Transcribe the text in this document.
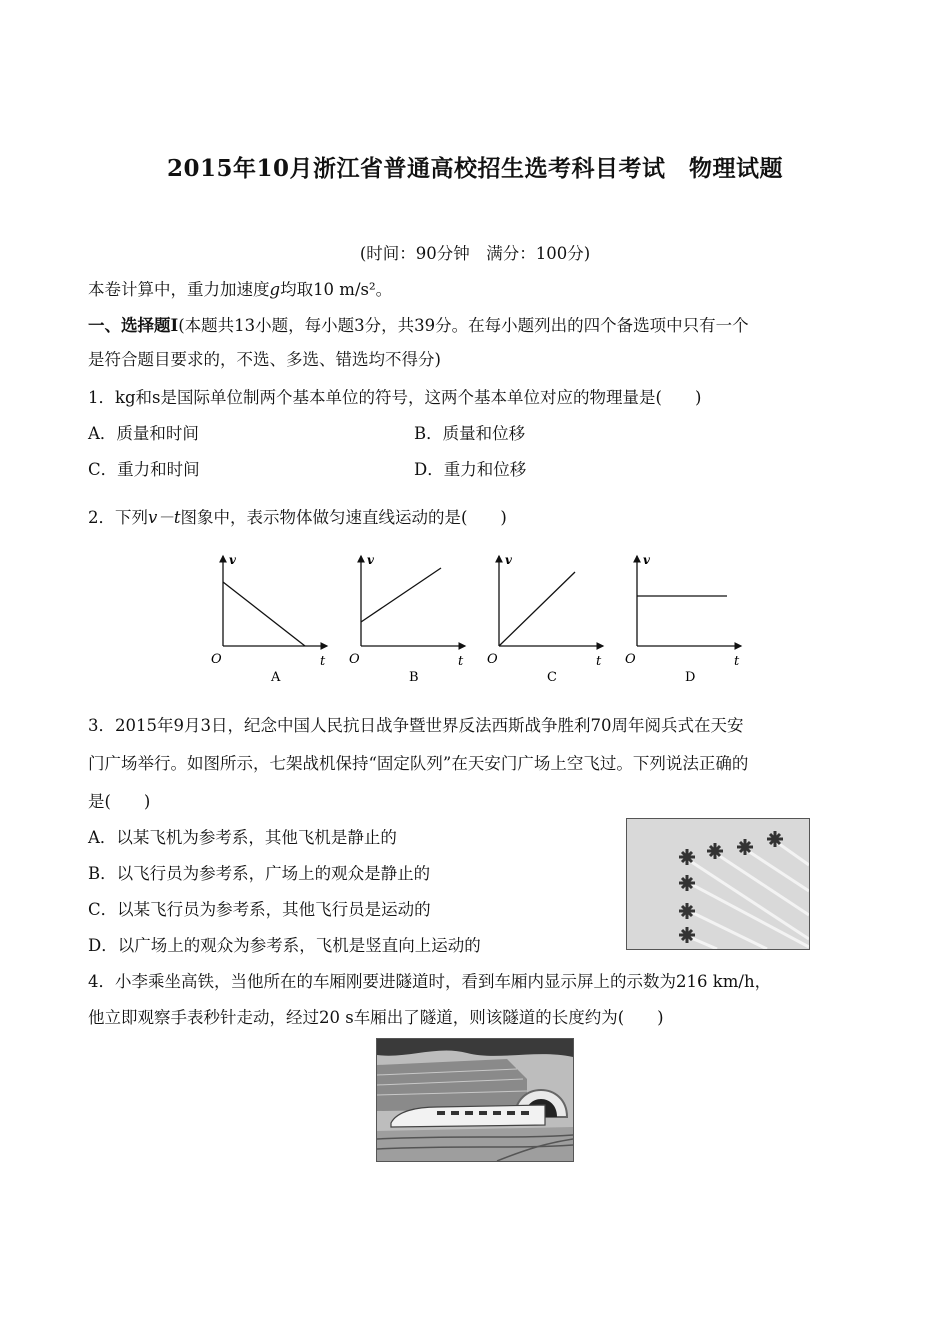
2015年10月浙江省普通高校招生选考科目考试　物理试题
(时间：90分钟　满分：100分)
本卷计算中，重力加速度g均取10 m/s²。
一、选择题Ⅰ(本题共13小题，每小题3分，共39分。在每小题列出的四个备选项中只有一个
是符合题目要求的，不选、多选、错选均不得分)
1．kg和s是国际单位制两个基本单位的符号，这两个基本单位对应的物理量是(　　)
A．质量和时间	B．质量和位移
C．重力和时间	D．重力和位移
2．下列v－t图象中，表示物体做匀速直线运动的是(　　)
v
t
O
A
v
t
O
B
v
t
O
C
v
t
O
D
3．2015年9月3日，纪念中国人民抗日战争暨世界反法西斯战争胜利70周年阅兵式在天安
门广场举行。如图所示，七架战机保持“固定队列”在天安门广场上空飞过。下列说法正确的
是(　　)
A．以某飞机为参考系，其他飞机是静止的
B．以飞行员为参考系，广场上的观众是静止的
C．以某飞行员为参考系，其他飞行员是运动的
D．以广场上的观众为参考系，飞机是竖直向上运动的
4．小李乘坐高铁，当他所在的车厢刚要进隧道时，看到车厢内显示屏上的示数为216 km/h，
他立即观察手表秒针走动，经过20 s车厢出了隧道，则该隧道的长度约为(　　)
